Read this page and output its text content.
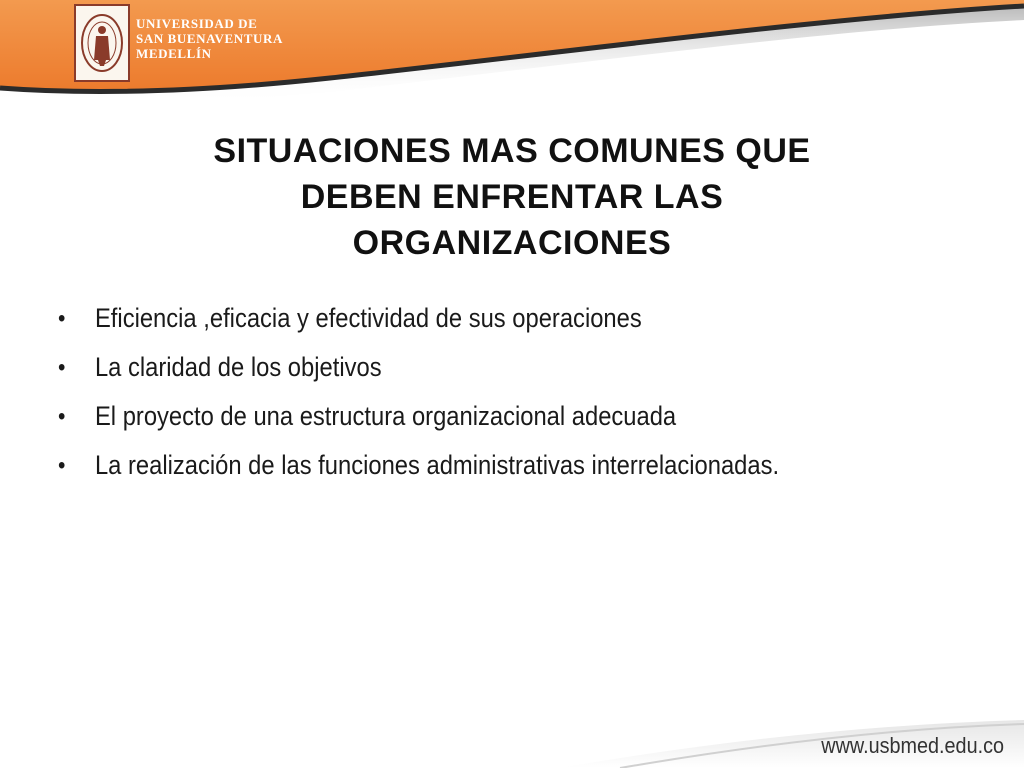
UNIVERSIDAD DE
SAN BUENAVENTURA
MEDELLÍN
SITUACIONES MAS COMUNES QUE
DEBEN ENFRENTAR LAS
ORGANIZACIONES
•	Eficiencia ,eficacia y efectividad de sus operaciones
•	La claridad de los objetivos
•	El proyecto de una estructura organizacional adecuada
•	La realización de las funciones administrativas interrelacionadas.
www.usbmed.edu.co
